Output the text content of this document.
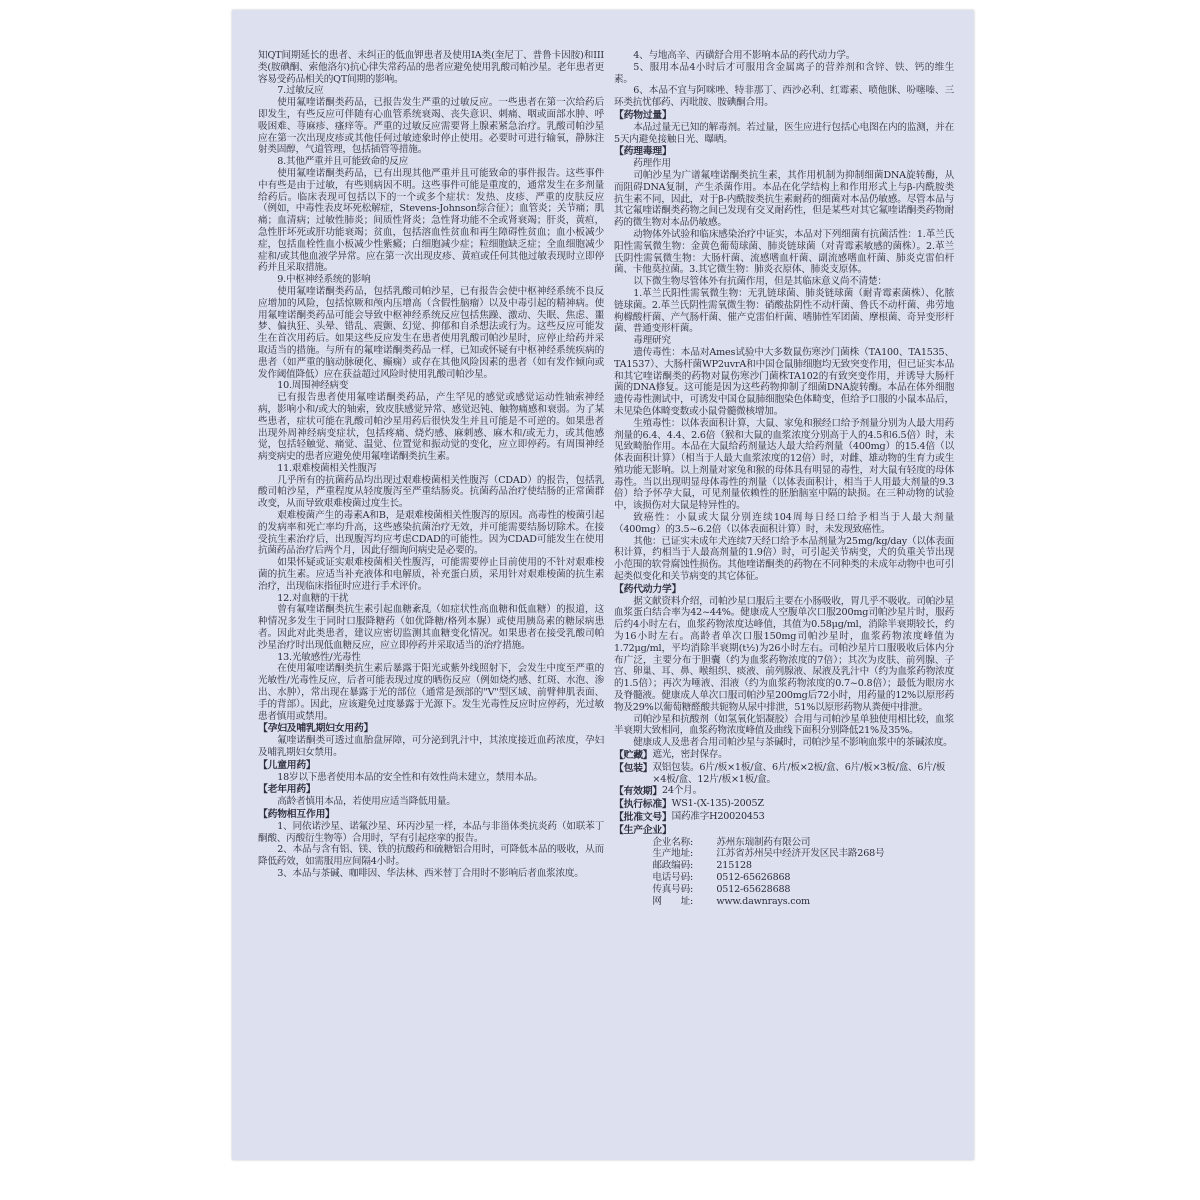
知QT间期延长的患者、未纠正的低血钾患者及使用IA类(奎尼丁、普鲁卡因胺)和III类(胺碘酮、索他洛尔)抗心律失常药品的患者应避免使用乳酸司帕沙星。老年患者更容易受药品相关的QT间期的影响。

7.过敏反应

使用氟喹诺酮类药品，已报告发生严重的过敏反应。一些患者在第一次给药后即发生，有些反应可伴随有心血管系统衰竭、丧失意识、刺痛、咽或面部水肿、呼吸困难、荨麻疹、瘙痒等。严重的过敏反应需要肾上腺素紧急治疗。乳酸司帕沙星应在第一次出现皮疹或其他任何过敏迹象时停止使用。必要时可进行输氧，静脉注射类固醇，气道管理，包括插管等措施。

8.其他严重并且可能致命的反应

使用氟喹诺酮类药品，已有出现其他严重并且可能致命的事件报告。这些事件中有些是由于过敏，有些则病因不明。这些事件可能是重度的，通常发生在多剂量给药后。临床表现可包括以下的一个或多个症状：发热、皮疹、严重的皮肤反应（例如，中毒性表皮坏死松解症，Stevens-Johnson综合征）；血管炎；关节痛；肌痛；血清病；过敏性肺炎；间质性肾炎；急性肾功能不全或肾衰竭；肝炎，黄疸，急性肝坏死或肝功能衰竭；贫血，包括溶血性贫血和再生障碍性贫血；血小板减少症，包括血栓性血小板减少性紫癜；白细胞减少症；粒细胞缺乏症；全血细胞减少症和/或其他血液学异常。应在第一次出现皮疹、黄疸或任何其他过敏表现时立即停药并且采取措施。

9.中枢神经系统的影响

使用氟喹诺酮类药品，包括乳酸司帕沙星，已有报告会使中枢神经系统不良反应增加的风险，包括惊厥和颅内压增高（含假性脑瘤）以及中毒引起的精神病。使用氟喹诺酮类药品可能会导致中枢神经系统反应包括焦躁、激动、失眠、焦虑、噩梦、偏执狂、头晕、错乱、震颤、幻觉、抑郁和自杀想法或行为。这些反应可能发生在首次用药后。如果这些反应发生在患者使用乳酸司帕沙星时，应停止给药并采取适当的措施。与所有的氟喹诺酮类药品一样，已知或怀疑有中枢神经系统疾病的患者（如严重的脑动脉硬化、癫痫）或存在其他风险因素的患者（如有发作倾向或发作阈值降低）应在获益超过风险时使用乳酸司帕沙星。

10.周围神经病变

已有报告患者使用氟喹诺酮类药品，产生罕见的感觉或感觉运动性轴索神经病，影响小和/或大的轴索，致皮肤感觉异常、感觉迟钝、触物痛感和衰弱。为了某些患者，症状可能在乳酸司帕沙星用药后很快发生并且可能是不可逆的。如果患者出现外周神经病变症状，包括疼痛、烧灼感、麻刺感、麻木和/或无力，或其他感觉，包括轻触觉、痛觉、温觉、位置觉和振动觉的变化，应立即停药。有周围神经病变病史的患者应避免使用氟喹诺酮类抗生素。

11.艰难梭菌相关性腹泻

几乎所有的抗菌药品均出现过艰难梭菌相关性腹泻（CDAD）的报告，包括乳酸司帕沙星，严重程度从轻度腹泻至严重结肠炎。抗菌药品治疗使结肠的正常菌群改变，从而导致艰难梭菌过度生长。

艰难梭菌产生的毒素A和B，是艰难梭菌相关性腹泻的原因。高毒性的梭菌引起的发病率和死亡率均升高，这些感染抗菌治疗无效，并可能需要结肠切除术。在接受抗生素治疗后，出现腹泻均应考虑CDAD的可能性。因为CDAD可能发生在使用抗菌药品治疗后两个月，因此仔细询问病史是必要的。

如果怀疑或证实艰难梭菌相关性腹泻，可能需要停止目前使用的不针对艰难梭菌的抗生素。应适当补充液体和电解质，补充蛋白质，采用针对艰难梭菌的抗生素治疗，出现临床指征时应进行手术评价。

12.对血糖的干扰

曾有氟喹诺酮类抗生素引起血糖紊乱（如症状性高血糖和低血糖）的报道，这种情况多发生于同时口服降糖药（如优降糖/格列本脲）或使用胰岛素的糖尿病患者。因此对此类患者，建议应密切监测其血糖变化情况。如果患者在接受乳酸司帕沙星治疗时出现低血糖反应，应立即停药并采取适当的治疗措施。

13.光敏感性/光毒性

在使用氟喹诺酮类抗生素后暴露于阳光或紫外线照射下，会发生中度至严重的光敏性/光毒性反应，后者可能表现过度的晒伤反应（例如烧灼感、红斑、水泡、渗出、水肿），常出现在暴露于光的部位（通常是颈部的"V"型区域、前臂伸肌表面、手的背部）。因此，应该避免过度暴露于光源下。发生光毒性反应时应停药，光过敏患者慎用或禁用。

【孕妇及哺乳期妇女用药】

氟喹诺酮类可透过血胎盘屏障，可分泌到乳汁中，其浓度接近血药浓度，孕妇及哺乳期妇女禁用。

【儿童用药】

18岁以下患者使用本品的安全性和有效性尚未建立，禁用本品。

【老年用药】

高龄者慎用本品，若使用应适当降低用量。

【药物相互作用】

1、同依诺沙星、诺氟沙星、环丙沙星一样，本品与非甾体类抗炎药（如联苯丁酮酸、丙酸衍生物等）合用时，罕有引起痉挛的报告。

2、本品与含有铝、镁、铁的抗酸药和硫糖铝合用时，可降低本品的吸收，从而降低药效，如需服用应间隔4小时。

3、本品与茶碱、咖啡因、华法林、西米替丁合用时不影响后者血浆浓度。

4、与地高辛、丙磺舒合用不影响本品的药代动力学。

5、服用本品4小时后才可服用含金属离子的营养剂和含锌、铁、钙的维生素。

6、本品不宜与阿咪唑、特非那丁、西沙必利、红霉素、喷他脒、吩噻嗪、三环类抗忧郁药、丙吡胺、胺碘酮合用。

【药物过量】

本品过量无已知的解毒剂。若过量，医生应进行包括心电图在内的监测，并在5天内避免接触日光、曝晒。

【药理毒理】

药理作用

司帕沙星为广谱氟喹诺酮类抗生素，其作用机制为抑制细菌DNA旋转酶，从而阻碍DNA复制，产生杀菌作用。本品在化学结构上和作用形式上与β-内酰胺类抗生素不同，因此，对于β-内酰胺类抗生素耐药的细菌对本品仍敏感。尽管本品与其它氟喹诺酮类药物之间已发现有交叉耐药性，但是某些对其它氟喹诺酮类药物耐药的微生物对本品仍敏感。

动物体外试验和临床感染治疗中证实，本品对下列细菌有抗菌活性：1.革兰氏阳性需氧微生物：金黄色葡萄球菌、肺炎链球菌（对青霉素敏感的菌株）。2.革兰氏阴性需氧微生物：大肠杆菌、流感嗜血杆菌、副流感嗜血杆菌、肺炎克雷伯杆菌、卡他莫拉菌。3.其它微生物：肺炎衣原体、肺炎支原体。

以下微生物尽管体外有抗菌作用，但是其临床意义尚不清楚：

1.革兰氏阳性需氧微生物：无乳链球菌、肺炎链球菌（耐青霉素菌株）、化脓链球菌。2.革兰氏阴性需氧微生物：硝酸盐阴性不动杆菌、鲁氏不动杆菌、弗劳地枸橼酸杆菌、产气肠杆菌、催产克雷伯杆菌、嗜肺性军团菌、摩根菌、奇异变形杆菌、普通变形杆菌。

毒理研究

遗传毒性：本品对Ames试验中大多数鼠伤寒沙门菌株（TA100、TA1535、TA1537）、大肠杆菌WP2uvrA和中国仓鼠肺细胞均无致突变作用，但已证实本品和其它喹诺酮类的药物对鼠伤寒沙门菌株TA102的有致突变作用，并诱导大肠杆菌的DNA修复。这可能是因为这些药物抑制了细菌DNA旋转酶。本品在体外细胞遗传毒性测试中，可诱发中国仓鼠肺细胞染色体畸变，但给予口服的小鼠本品后，未见染色体畸变数或小鼠骨髓微核增加。

生殖毒性：以体表面积计算，大鼠、家兔和猴经口给予剂量分别为人最大用药剂量的6.4、4.4、2.6倍（猴和大鼠的血浆浓度分别高于人的4.5和6.5倍）时，未见致畸胎作用。本品在大鼠给药剂量达人最大给药剂量（400mg）的15.4倍（以体表面积计算）（相当于人最大血浆浓度的12倍）时，对雌、雄动物的生育力或生殖功能无影响。以上剂量对家兔和猴的母体具有明显的毒性，对大鼠有轻度的母体毒性。当以出现明显母体毒性的剂量（以体表面积计，相当于人用最大剂量的9.3倍）给予怀孕大鼠，可见剂量依赖性的胚胎脑室中隔的缺损。在三种动物的试验中，该损伤对大鼠是特异性的。

致癌性：小鼠或大鼠分别连续104周每日经口给予相当于人最大剂量（400mg）的3.5~6.2倍（以体表面积计算）时，未发现致癌性。

其他：已证实未成年犬连续7天经口给予本品剂量为25mg/kg/day（以体表面积计算，约相当于人最高剂量的1.9倍）时，可引起关节病变，犬的负重关节出现小范围的软骨腐蚀性损伤。其他喹诺酮类的药物在不同种类的未成年动物中也可引起类似变化和关节病变的其它体征。

【药代动力学】

据文献资料介绍，司帕沙星口服后主要在小肠吸收，胃几乎不吸收。司帕沙星血浆蛋白结合率为42~44%。健康成人空腹单次口服200mg司帕沙星片时，服药后约4小时左右，血浆药物浓度达峰值，其值为0.58μg/ml，消除半衰期较长，约为16小时左右。高龄者单次口服150mg司帕沙星时，血浆药物浓度峰值为1.72μg/ml，平均消除半衰期(t½)为26小时左右。司帕沙星片口服吸收后体内分布广泛，主要分布于胆囊（约为血浆药物浓度的7倍）；其次为皮肤、前列腺、子宫、卵巢、耳、鼻、喉组织、痰液、前列腺液、尿液及乳汁中（约为血浆药物浓度的1.5倍）；再次为唾液、泪液（约为血浆药物浓度的0.7~0.8倍）；最低为眼房水及脊髓液。健康成人单次口服司帕沙星200mg后72小时，用药量的12%以原形药物及29%以葡萄糖醛酸共轭物从尿中排泄，51%以原形药物从粪便中排泄。

司帕沙星和抗酸剂（如氢氧化铝凝胶）合用与司帕沙星单独使用相比较，血浆半衰期大致相同，血浆药物浓度峰值及曲线下面积分别降低21%及35%。

健康成人及患者合用司帕沙星与茶碱时，司帕沙星不影响血浆中的茶碱浓度。

【贮藏】 遮光，密封保存。
【包装】 双铝包装。6片/板×1板/盒、6片/板×2板/盒、6片/板×3板/盒、6片/板×4板/盒、12片/板×1板/盒。
【有效期】 24个月。
【执行标准】 WS1-(X-135)-2005Z
【批准文号】 国药准字H20020453

【生产企业】

企业名称:	苏州东瑞制药有限公司
生产地址:	江苏省苏州吴中经济开发区民丰路268号
邮政编码:	215128
电话号码:	0512-65626868
传真号码:	0512-65628688
网　　址:	www.dawnrays.com
